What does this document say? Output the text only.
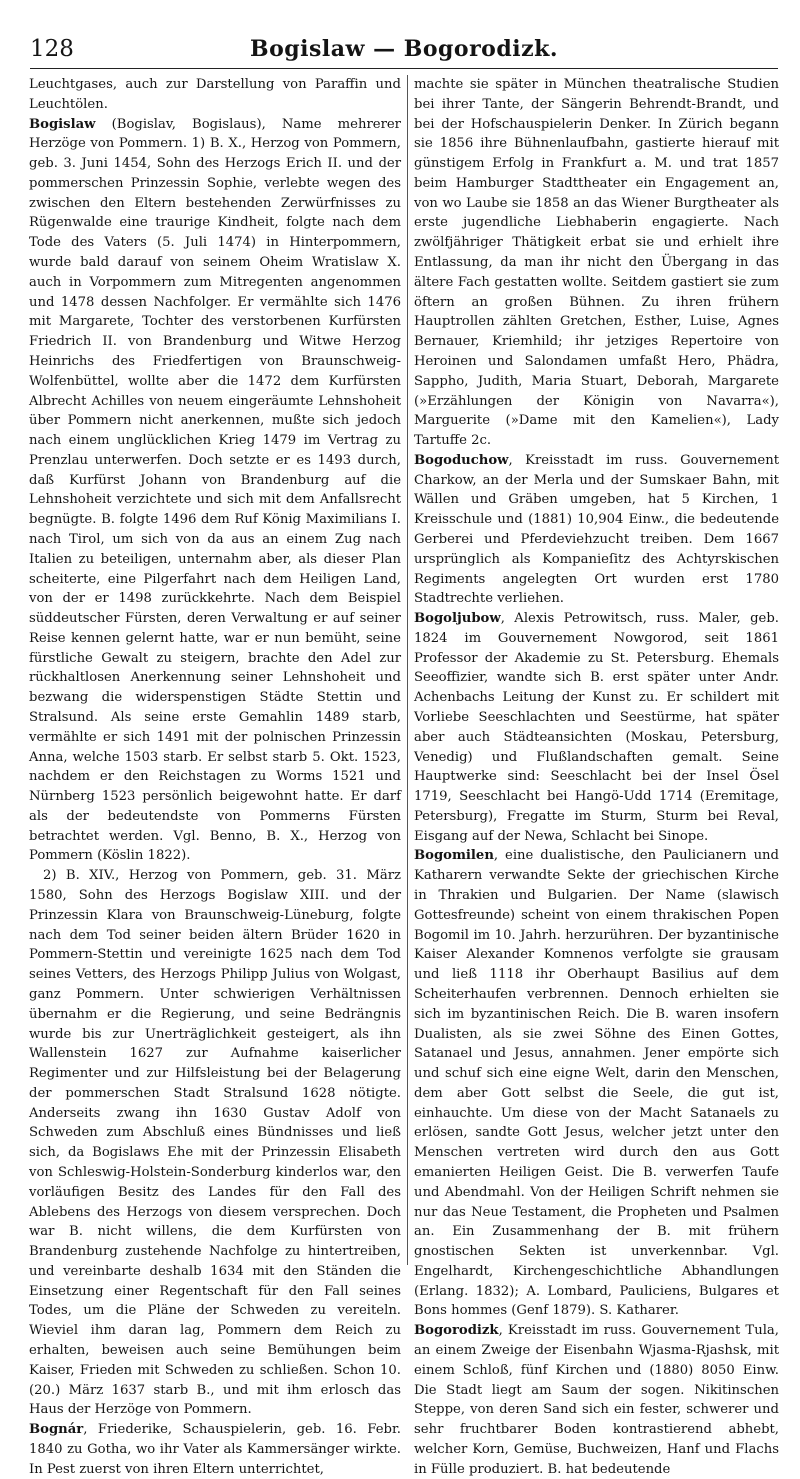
128	Bogislaw — Bogorodizk.

Leuchtgases, auch zur Darstellung von Paraffin und Leuchtölen.

Bogislaw (Bogislav, Bogislaus), Name mehrerer Herzöge von Pommern. 1) B. X., Herzog von Pommern, geb. 3. Juni 1454, Sohn des Herzogs Erich II. und der pommerschen Prinzessin Sophie, verlebte wegen des zwischen den Eltern bestehenden Zerwürfnisses zu Rügenwalde eine traurige Kindheit, folgte nach dem Tode des Vaters (5. Juli 1474) in Hinterpommern, wurde bald darauf von seinem Oheim Wratislaw X. auch in Vorpommern zum Mitregenten angenommen und 1478 dessen Nachfolger. Er vermählte sich 1476 mit Margarete, Tochter des verstorbenen Kurfürsten Friedrich II. von Brandenburg und Witwe Herzog Heinrichs des Friedfertigen von Braunschweig-Wolfenbüttel, wollte aber die 1472 dem Kurfürsten Albrecht Achilles von neuem eingeräumte Lehnshoheit über Pommern nicht anerkennen, mußte sich jedoch nach einem unglücklichen Krieg 1479 im Vertrag zu Prenzlau unterwerfen. Doch setzte er es 1493 durch, daß Kurfürst Johann von Brandenburg auf die Lehnshoheit verzichtete und sich mit dem Anfallsrecht begnügte. B. folgte 1496 dem Ruf König Maximilians I. nach Tirol, um sich von da aus an einem Zug nach Italien zu beteiligen, unternahm aber, als dieser Plan scheiterte, eine Pilgerfahrt nach dem Heiligen Land, von der er 1498 zurückkehrte. Nach dem Beispiel süddeutscher Fürsten, deren Verwaltung er auf seiner Reise kennen gelernt hatte, war er nun bemüht, seine fürstliche Gewalt zu steigern, brachte den Adel zur rückhaltlosen Anerkennung seiner Lehnshoheit und bezwang die widerspenstigen Städte Stettin und Stralsund. Als seine erste Gemahlin 1489 starb, vermählte er sich 1491 mit der polnischen Prinzessin Anna, welche 1503 starb. Er selbst starb 5. Okt. 1523, nachdem er den Reichstagen zu Worms 1521 und Nürnberg 1523 persönlich beigewohnt hatte. Er darf als der bedeutendste von Pommerns Fürsten betrachtet werden. Vgl. Benno, B. X., Herzog von Pommern (Köslin 1822).

2) B. XIV., Herzog von Pommern, geb. 31. März 1580, Sohn des Herzogs Bogislaw XIII. und der Prinzessin Klara von Braunschweig-Lüneburg, folgte nach dem Tod seiner beiden ältern Brüder 1620 in Pommern-Stettin und vereinigte 1625 nach dem Tod seines Vetters, des Herzogs Philipp Julius von Wolgast, ganz Pommern. Unter schwierigen Verhältnissen übernahm er die Regierung, und seine Bedrängnis wurde bis zur Unerträglichkeit gesteigert, als ihn Wallenstein 1627 zur Aufnahme kaiserlicher Regimenter und zur Hilfsleistung bei der Belagerung der pommerschen Stadt Stralsund 1628 nötigte. Anderseits zwang ihn 1630 Gustav Adolf von Schweden zum Abschluß eines Bündnisses und ließ sich, da Bogislaws Ehe mit der Prinzessin Elisabeth von Schleswig-Holstein-Sonderburg kinderlos war, den vorläufigen Besitz des Landes für den Fall des Ablebens des Herzogs von diesem versprechen. Doch war B. nicht willens, die dem Kurfürsten von Brandenburg zustehende Nachfolge zu hintertreiben, und vereinbarte deshalb 1634 mit den Ständen die Einsetzung einer Regentschaft für den Fall seines Todes, um die Pläne der Schweden zu vereiteln. Wieviel ihm daran lag, Pommern dem Reich zu erhalten, beweisen auch seine Bemühungen beim Kaiser, Frieden mit Schweden zu schließen. Schon 10. (20.) März 1637 starb B., und mit ihm erlosch das Haus der Herzöge von Pommern.

Bognár, Friederike, Schauspielerin, geb. 16. Febr. 1840 zu Gotha, wo ihr Vater als Kammersänger wirkte. In Pest zuerst von ihren Eltern unterrichtet,

machte sie später in München theatralische Studien bei ihrer Tante, der Sängerin Behrendt-Brandt, und bei der Hofschauspielerin Denker. In Zürich begann sie 1856 ihre Bühnenlaufbahn, gastierte hierauf mit günstigem Erfolg in Frankfurt a. M. und trat 1857 beim Hamburger Stadttheater ein Engagement an, von wo Laube sie 1858 an das Wiener Burgtheater als erste jugendliche Liebhaberin engagierte. Nach zwölfjähriger Thätigkeit erbat sie und erhielt ihre Entlassung, da man ihr nicht den Übergang in das ältere Fach gestatten wollte. Seitdem gastiert sie zum öftern an großen Bühnen. Zu ihren frühern Hauptrollen zählten Gretchen, Esther, Luise, Agnes Bernauer, Kriemhild; ihr jetziges Repertoire von Heroinen und Salondamen umfaßt Hero, Phädra, Sappho, Judith, Maria Stuart, Deborah, Margarete (»Erzählungen der Königin von Navarra«), Marguerite (»Dame mit den Kamelien«), Lady Tartuffe 2c.

Bogoduchow, Kreisstadt im russ. Gouvernement Charkow, an der Merla und der Sumskaer Bahn, mit Wällen und Gräben umgeben, hat 5 Kirchen, 1 Kreisschule und (1881) 10,904 Einw., die bedeutende Gerberei und Pferdeviehzucht treiben. Dem 1667 ursprünglich als Kompanieſitz des Achtyrskischen Regiments angelegten Ort wurden erst 1780 Stadtrechte verliehen.

Bogoljubow, Alexis Petrowitsch, russ. Maler, geb. 1824 im Gouvernement Nowgorod, seit 1861 Professor der Akademie zu St. Petersburg. Ehemals Seeoffizier, wandte sich B. erst später unter Andr. Achenbachs Leitung der Kunst zu. Er schildert mit Vorliebe Seeschlachten und Seestürme, hat später aber auch Städteansichten (Moskau, Petersburg, Venedig) und Flußlandschaften gemalt. Seine Hauptwerke sind: Seeschlacht bei der Insel Ösel 1719, Seeschlacht bei Hangö-Udd 1714 (Eremitage, Petersburg), Fregatte im Sturm, Sturm bei Reval, Eisgang auf der Newa, Schlacht bei Sinope.

Bogomilen, eine dualistische, den Paulicianern und Katharern verwandte Sekte der griechischen Kirche in Thrakien und Bulgarien. Der Name (slawisch Gottesfreunde) scheint von einem thrakischen Popen Bogomil im 10. Jahrh. herzurühren. Der byzantinische Kaiser Alexander Komnenos verfolgte sie grausam und ließ 1118 ihr Oberhaupt Basilius auf dem Scheiterhaufen verbrennen. Dennoch erhielten sie sich im byzantinischen Reich. Die B. waren insofern Dualisten, als sie zwei Söhne des Einen Gottes, Satanael und Jesus, annahmen. Jener empörte sich und schuf sich eine eigne Welt, darin den Menschen, dem aber Gott selbst die Seele, die gut ist, einhauchte. Um diese von der Macht Satanaels zu erlösen, sandte Gott Jesus, welcher jetzt unter den Menschen vertreten wird durch den aus Gott emanierten Heiligen Geist. Die B. verwerfen Taufe und Abendmahl. Von der Heiligen Schrift nehmen sie nur das Neue Testament, die Propheten und Psalmen an. Ein Zusammenhang der B. mit frühern gnostischen Sekten ist unverkennbar. Vgl. Engelhardt, Kirchengeschichtliche Abhandlungen (Erlang. 1832); A. Lombard, Pauliciens, Bulgares et Bons hommes (Genf 1879). S. Katharer.

Bogorodizk, Kreisstadt im russ. Gouvernement Tula, an einem Zweige der Eisenbahn Wjasma-Rjashsk, mit einem Schloß, fünf Kirchen und (1880) 8050 Einw. Die Stadt liegt am Saum der sogen. Nikitinschen Steppe, von deren Sand sich ein fester, schwerer und sehr fruchtbarer Boden kontrastierend abhebt, welcher Korn, Gemüse, Buchweizen, Hanf und Flachs in Fülle produziert. B. hat bedeutende
